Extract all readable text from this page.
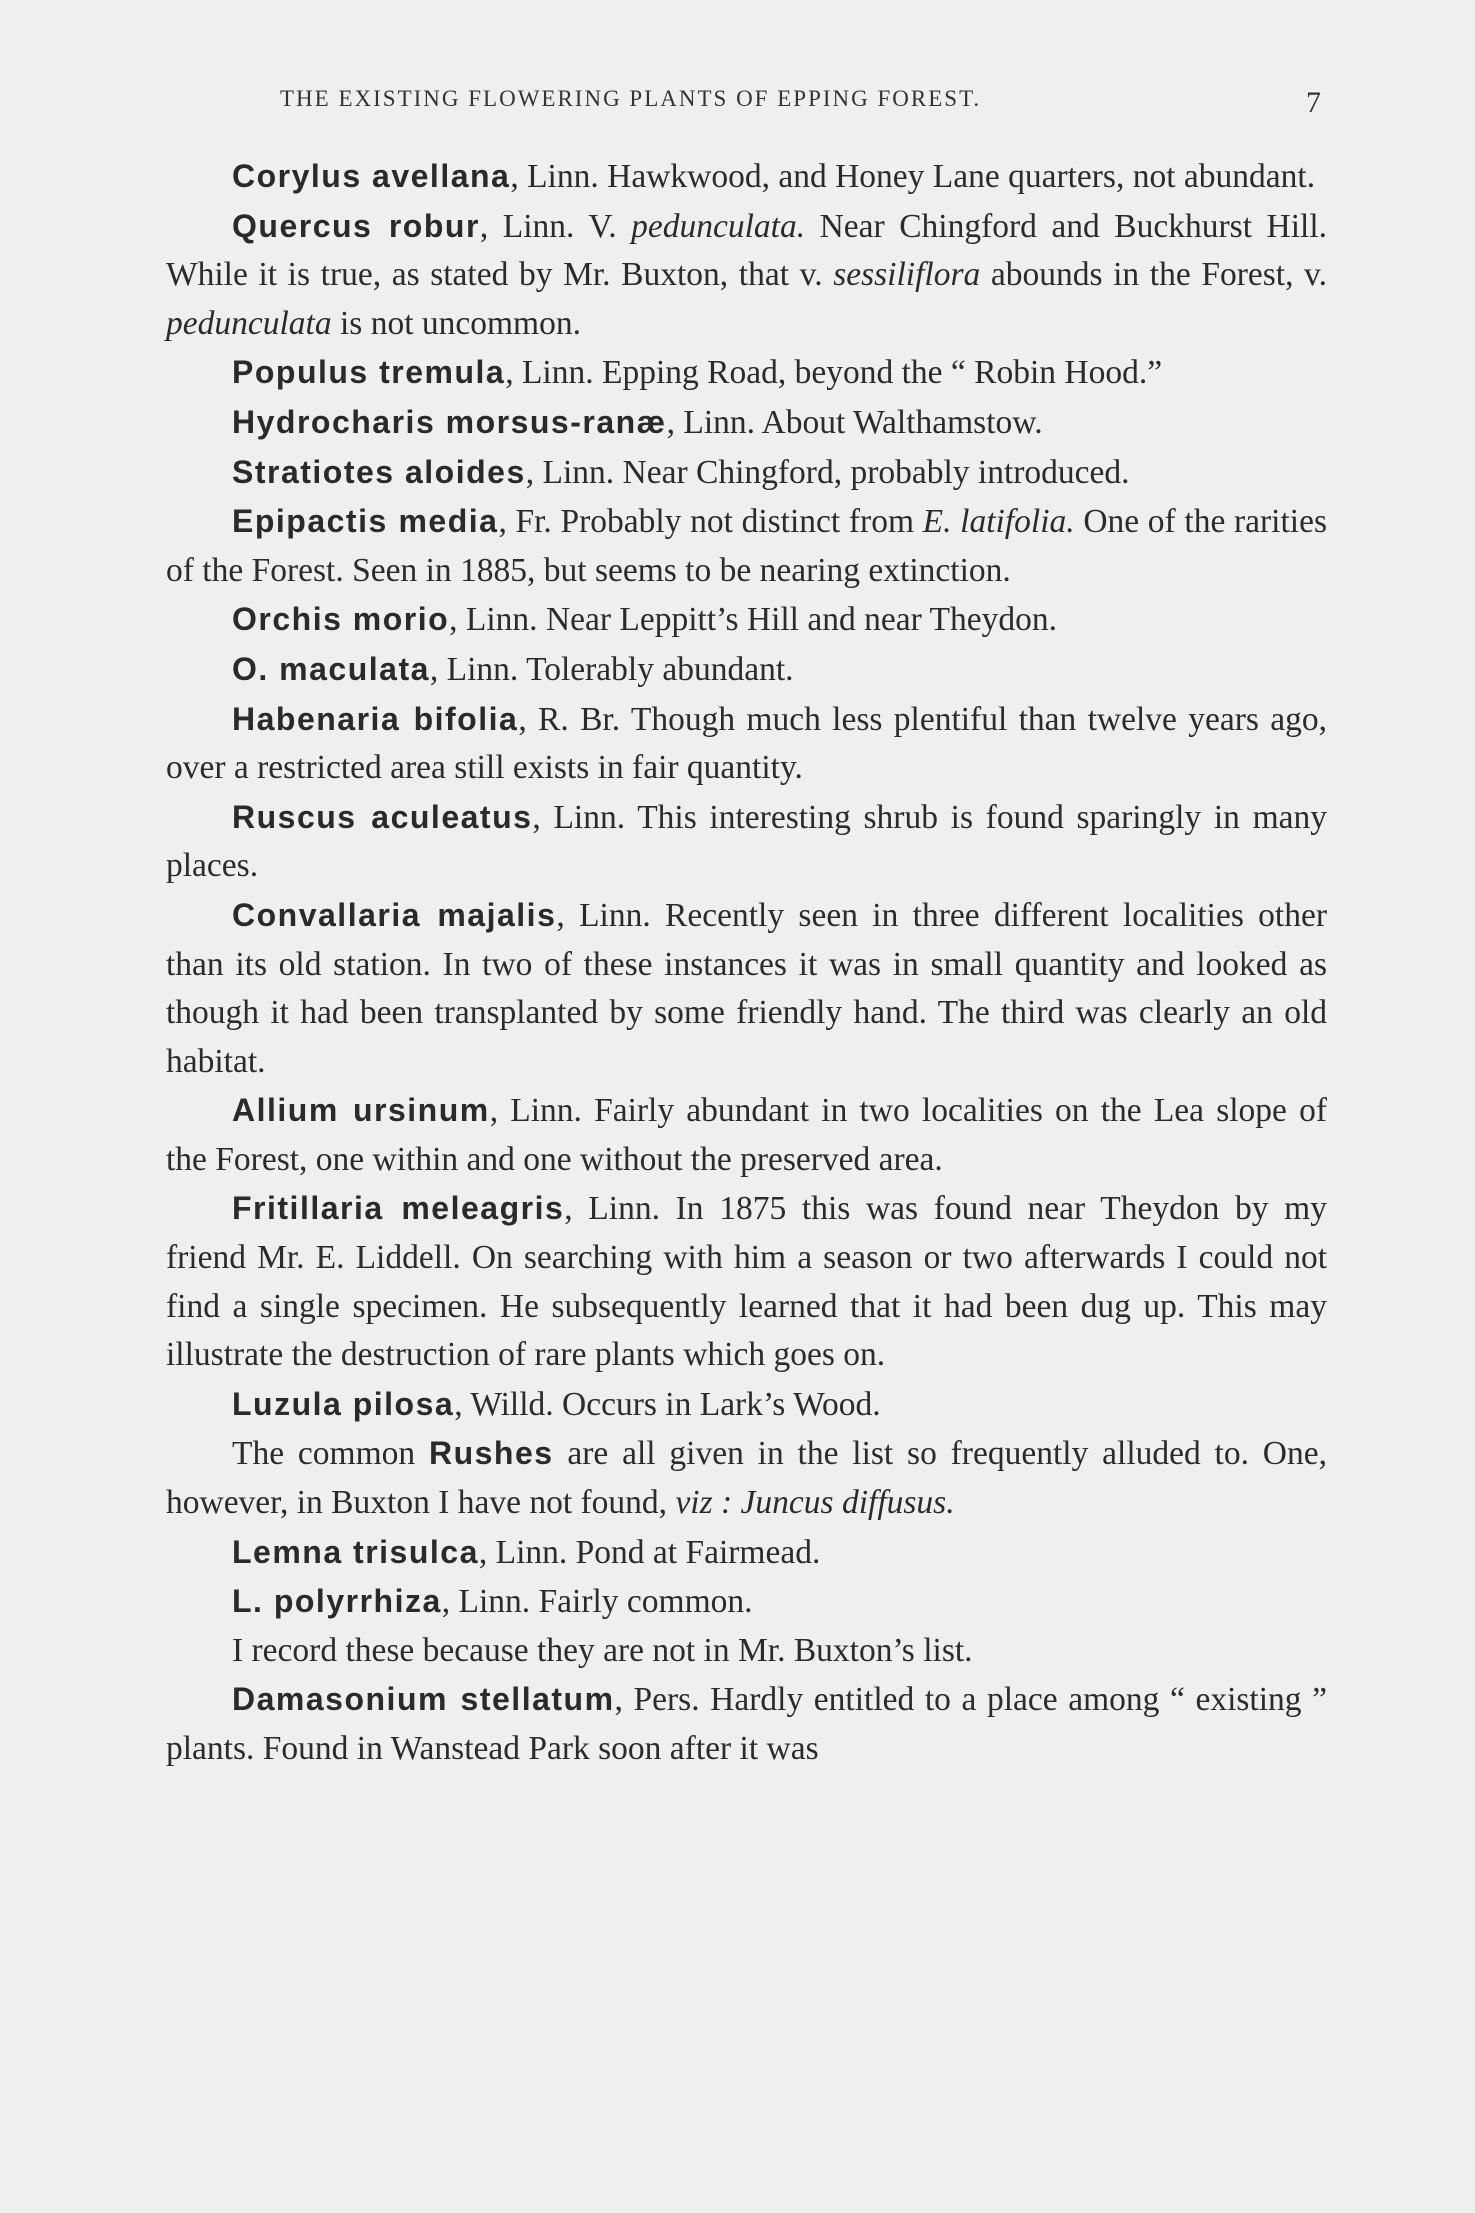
THE EXISTING FLOWERING PLANTS OF EPPING FOREST.	7

Corylus avellana, Linn. Hawkwood, and Honey Lane quarters, not abundant.

Quercus robur, Linn. V. pedunculata. Near Chingford and Buckhurst Hill. While it is true, as stated by Mr. Buxton, that v. sessiliflora abounds in the Forest, v. pedunculata is not uncommon.

Populus tremula, Linn. Epping Road, beyond the “ Robin Hood.”

Hydrocharis morsus-ranæ, Linn. About Walthamstow.

Stratiotes aloides, Linn. Near Chingford, probably introduced.

Epipactis media, Fr. Probably not distinct from E. latifolia. One of the rarities of the Forest. Seen in 1885, but seems to be nearing extinction.

Orchis morio, Linn. Near Leppitt’s Hill and near Theydon.

O. maculata, Linn. Tolerably abundant.

Habenaria bifolia, R. Br. Though much less plentiful than twelve years ago, over a restricted area still exists in fair quantity.

Ruscus aculeatus, Linn. This interesting shrub is found sparingly in many places.

Convallaria majalis, Linn. Recently seen in three different localities other than its old station. In two of these instances it was in small quantity and looked as though it had been transplanted by some friendly hand. The third was clearly an old habitat.

Allium ursinum, Linn. Fairly abundant in two localities on the Lea slope of the Forest, one within and one without the preserved area.

Fritillaria meleagris, Linn. In 1875 this was found near Theydon by my friend Mr. E. Liddell. On searching with him a season or two afterwards I could not find a single specimen. He subsequently learned that it had been dug up. This may illustrate the destruction of rare plants which goes on.

Luzula pilosa, Willd. Occurs in Lark’s Wood.

The common Rushes are all given in the list so frequently alluded to. One, however, in Buxton I have not found, viz : Juncus diffusus.

Lemna trisulca, Linn. Pond at Fairmead.

L. polyrrhiza, Linn. Fairly common.

I record these because they are not in Mr. Buxton’s list.

Damasonium stellatum, Pers. Hardly entitled to a place among “ existing ” plants. Found in Wanstead Park soon after it was
